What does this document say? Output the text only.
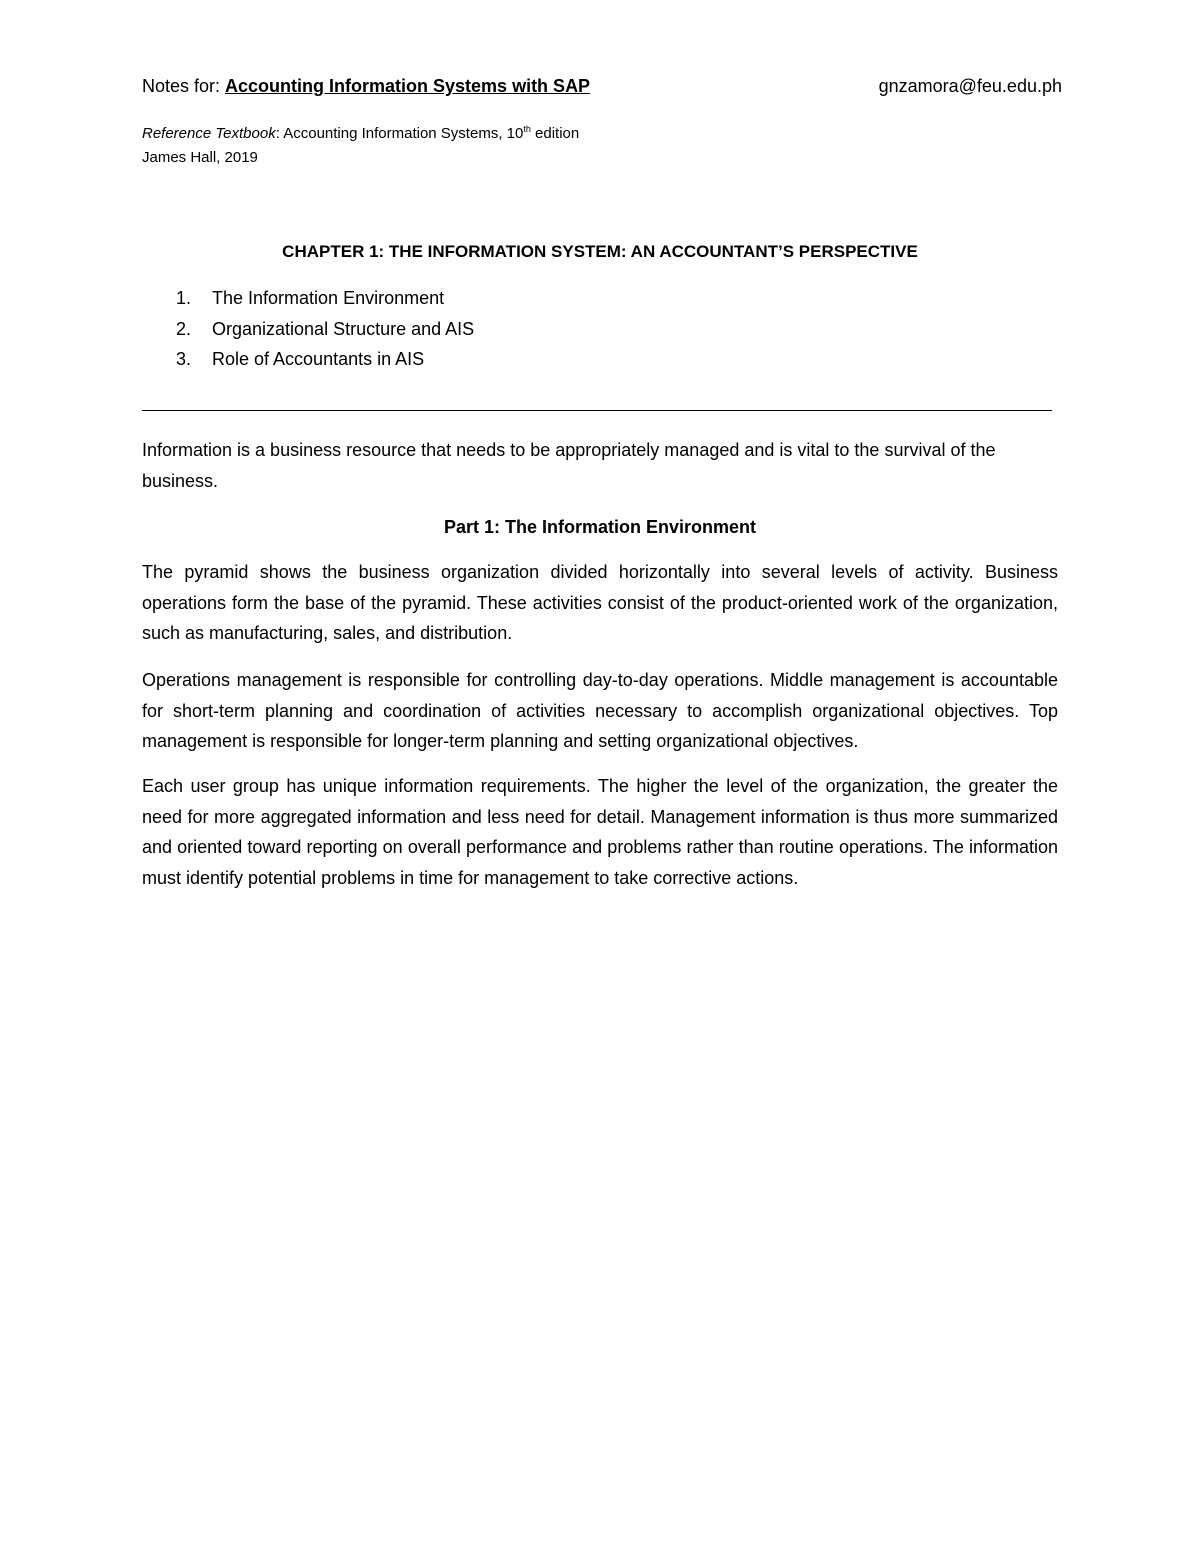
Notes for: Accounting Information Systems with SAP	gnzamora@feu.edu.ph
Reference Textbook: Accounting Information Systems, 10th edition
James Hall, 2019
CHAPTER 1: THE INFORMATION SYSTEM: AN ACCOUNTANT’S PERSPECTIVE
1.	The Information Environment
2.	Organizational Structure and AIS
3.	Role of Accountants in AIS

Information is a business resource that needs to be appropriately managed and is vital to the survival of the business.

Part 1: The Information Environment

The pyramid shows the business organization divided horizontally into several levels of activity. Business operations form the base of the pyramid. These activities consist of the product-oriented work of the organization, such as manufacturing, sales, and distribution.

Operations management is responsible for controlling day-to-day operations. Middle management is accountable for short-term planning and coordination of activities necessary to accomplish organizational objectives. Top management is responsible for longer-term planning and setting organizational objectives.

Each user group has unique information requirements. The higher the level of the organization, the greater the need for more aggregated information and less need for detail. Management information is thus more summarized and oriented toward reporting on overall performance and problems rather than routine operations. The information must identify potential problems in time for management to take corrective actions.
